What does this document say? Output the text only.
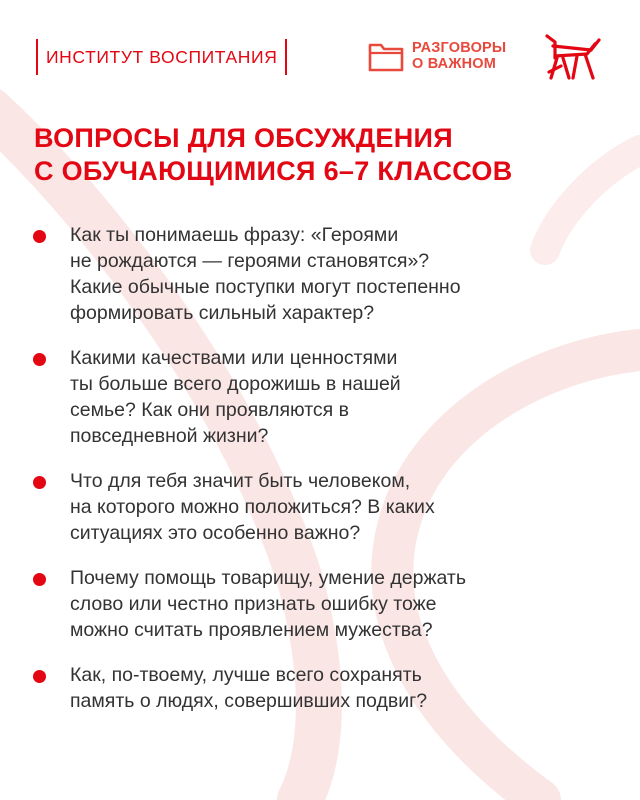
ИНСТИТУТ ВОСПИТАНИЯ	РАЗГОВОРЫ
О ВАЖНОМ
ВОПРОСЫ ДЛЯ ОБСУЖДЕНИЯ
С ОБУЧАЮЩИМИСЯ 6–7 КЛАССОВ
Как ты понимаешь фразу: «Героями
не рождаются — героями становятся»?
Какие обычные поступки могут постепенно
формировать сильный характер?
Какими качествами или ценностями
ты больше всего дорожишь в нашей
семье? Как они проявляются в
повседневной жизни?
Что для тебя значит быть человеком,
на которого можно положиться? В каких
ситуациях это особенно важно?
Почему помощь товарищу, умение держать
слово или честно признать ошибку тоже
можно считать проявлением мужества?
Как, по-твоему, лучше всего сохранять
память о людях, совершивших подвиг?
